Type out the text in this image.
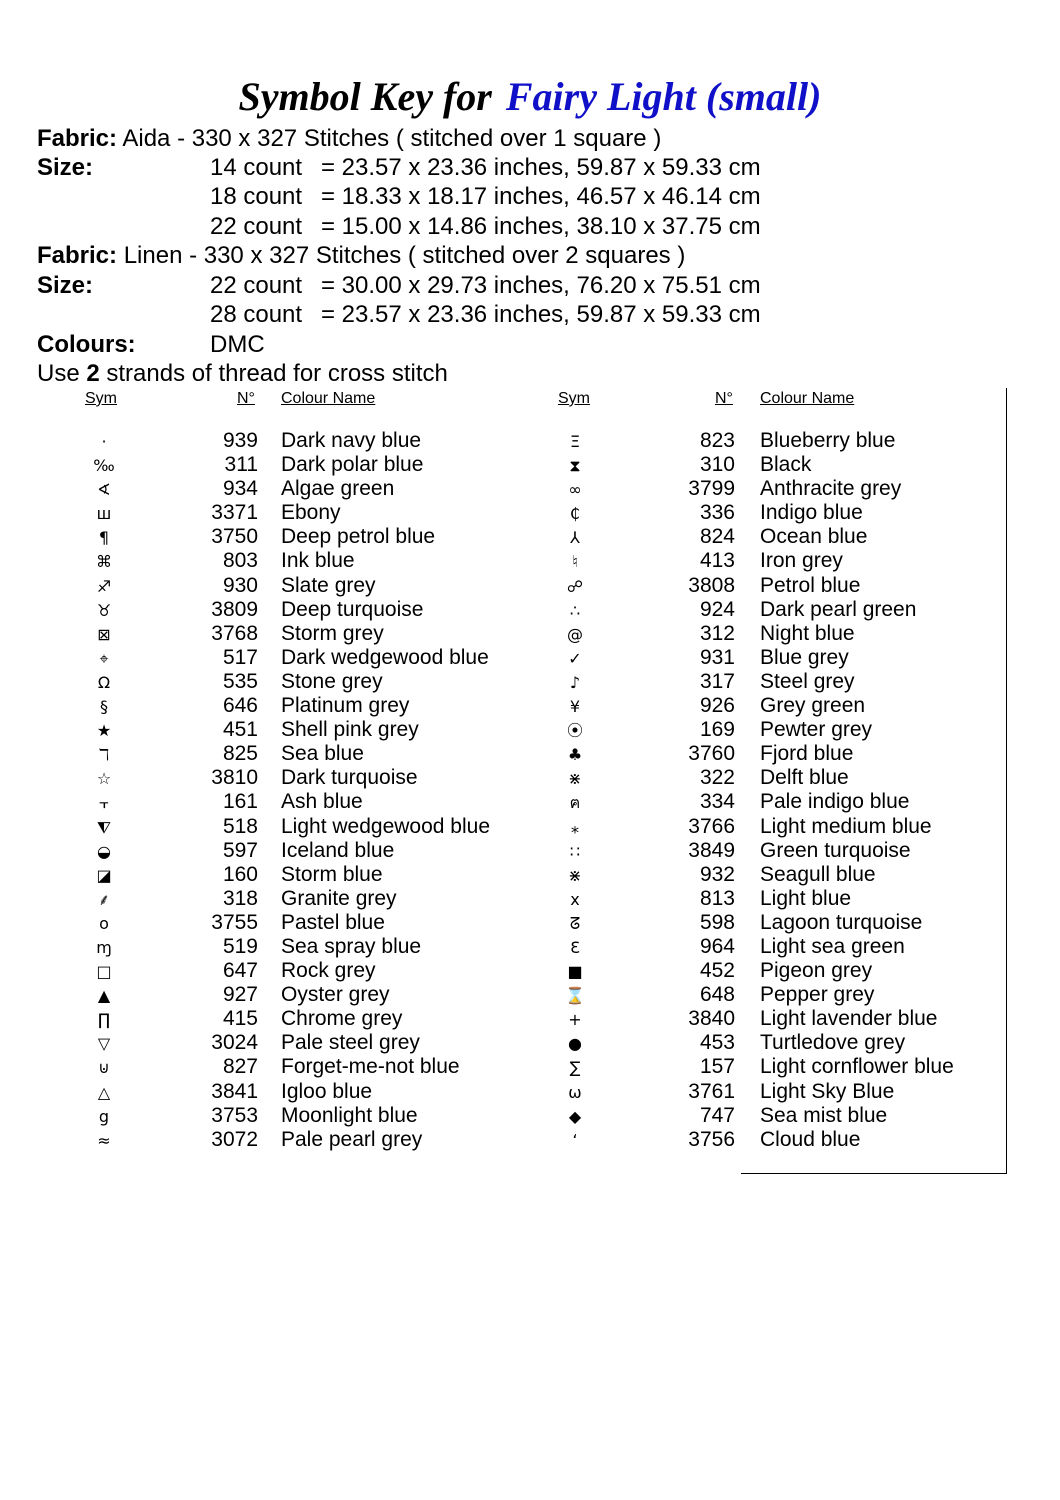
Symbol Key for Fairy Light (small)
Fabric: Aida - 330 x 327 Stitches ( stitched over 1 square )
Size:	14 count = 23.57 x 23.36 inches, 59.87 x 59.33 cm
18 count = 18.33 x 18.17 inches, 46.57 x 46.14 cm
22 count = 15.00 x 14.86 inches, 38.10 x 37.75 cm
Fabric: Linen - 330 x 327 Stitches ( stitched over 2 squares )
Size:	22 count = 30.00 x 29.73 inches, 76.20 x 75.51 cm
28 count = 23.57 x 23.36 inches, 59.87 x 59.33 cm
Colours:	DMC
Use 2 strands of thread for cross stitch
Sym	N° Colour Name	Sym	N° Colour Name
·	939 Dark navy blue
‰	311 Dark polar blue
∢	934 Algae green
ш	3371 Ebony
¶	3750 Deep petrol blue
⌘	803 Ink blue
♐	930 Slate grey
♉	3809 Deep turquoise
⊠	3768 Storm grey
⌖	517 Dark wedgewood blue
Ω	535 Stone grey
§	646 Platinum grey
★	451 Shell pink grey
ℸ	825 Sea blue
☆	3810 Dark turquoise
⫟	161 Ash blue
⧨	518 Light wedgewood blue
◒	597 Iceland blue
◪	160 Storm blue
⸙	318 Granite grey
o	3755 Pastel blue
ɱ	519 Sea spray blue
□	647 Rock grey
▲	927 Oyster grey
∏	415 Chrome grey
▽	3024 Pale steel grey
⊍	827 Forget-me-not blue
△	3841 Igloo blue
g	3753 Moonlight blue
≈	3072 Pale pearl grey
Ξ	823 Blueberry blue
⧗	310 Black
∞	3799 Anthracite grey
₵	336 Indigo blue
⅄	824 Ocean blue
♮	413 Iron grey
☍	3808 Petrol blue
∴	924 Dark pearl green
@	312 Night blue
✓	931 Blue grey
♪	317 Steel grey
¥	926 Grey green
⦿	169 Pewter grey
♣	3760 Fjord blue
⋇	322 Delft blue
ฅ	334 Pale indigo blue
⁎	3766 Light medium blue
∷	3849 Green turquoise
⋇	932 Seagull blue
x	813 Light blue
ᘔ	598 Lagoon turquoise
Ɛ	964 Light sea green
■	452 Pigeon grey
⌛	648 Pepper grey
+	3840 Light lavender blue
●	453 Turtledove grey
∑	157 Light cornflower blue
ω	3761 Light Sky Blue
◆	747 Sea mist blue
ʻ	3756 Cloud blue
